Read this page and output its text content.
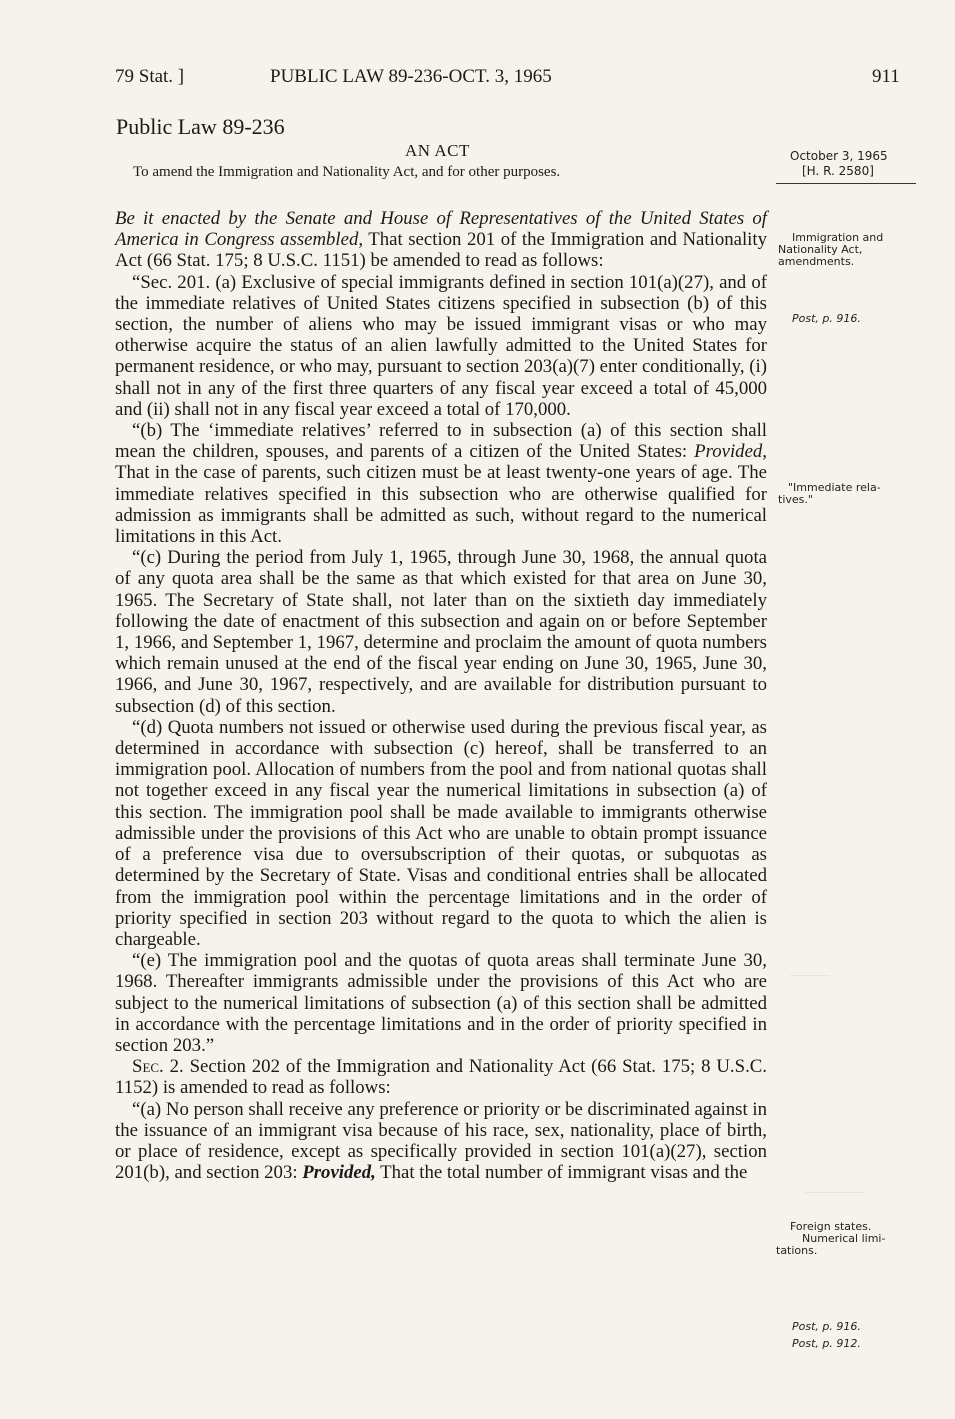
79 Stat. ]	PUBLIC LAW 89-236-OCT. 3, 1965	911
Public Law 89-236
AN ACT
To amend the Immigration and Nationality Act, and for other purposes.
October 3, 1965
[H. R. 2580]
Immigration and
Nationality Act,
amendments.
Post, p. 916.
"Immediate rela-
tives."
Foreign states.
Numerical limi-
tations.
Post, p. 916.
Post, p. 912.

Be it enacted by the Senate and House of Representatives of the United States of America in Congress assembled, That section 201 of the Immigration and Nationality Act (66 Stat. 175; 8 U.S.C. 1151) be amended to read as follows:

“Sec. 201. (a) Exclusive of special immigrants defined in section 101(a)(27), and of the immediate relatives of United States citizens specified in subsection (b) of this section, the number of aliens who may be issued immigrant visas or who may otherwise acquire the status of an alien lawfully admitted to the United States for permanent residence, or who may, pursuant to section 203(a)(7) enter conditionally, (i) shall not in any of the first three quarters of any fiscal year exceed a total of 45,000 and (ii) shall not in any fiscal year exceed a total of 170,000.

“(b) The ‘immediate relatives’ referred to in subsection (a) of this section shall mean the children, spouses, and parents of a citizen of the United States: Provided, That in the case of parents, such citizen must be at least twenty-one years of age. The immediate relatives specified in this subsection who are otherwise qualified for admission as immigrants shall be admitted as such, without regard to the numerical limitations in this Act.

“(c) During the period from July 1, 1965, through June 30, 1968, the annual quota of any quota area shall be the same as that which existed for that area on June 30, 1965. The Secretary of State shall, not later than on the sixtieth day immediately following the date of enactment of this subsection and again on or before September 1, 1966, and September 1, 1967, determine and proclaim the amount of quota numbers which remain unused at the end of the fiscal year ending on June 30, 1965, June 30, 1966, and June 30, 1967, respectively, and are available for distribution pursuant to subsection (d) of this section.

“(d) Quota numbers not issued or otherwise used during the previous fiscal year, as determined in accordance with subsection (c) hereof, shall be transferred to an immigration pool. Allocation of numbers from the pool and from national quotas shall not together exceed in any fiscal year the numerical limitations in subsection (a) of this section. The immigration pool shall be made available to immigrants otherwise admissible under the provisions of this Act who are unable to obtain prompt issuance of a preference visa due to oversubscription of their quotas, or subquotas as determined by the Secretary of State. Visas and conditional entries shall be allocated from the immigration pool within the percentage limitations and in the order of priority specified in section 203 without regard to the quota to which the alien is chargeable.

“(e) The immigration pool and the quotas of quota areas shall terminate June 30, 1968. Thereafter immigrants admissible under the provisions of this Act who are subject to the numerical limitations of subsection (a) of this section shall be admitted in accordance with the percentage limitations and in the order of priority specified in section 203.”

Sec. 2. Section 202 of the Immigration and Nationality Act (66 Stat. 175; 8 U.S.C. 1152) is amended to read as follows:

“(a) No person shall receive any preference or priority or be discriminated against in the issuance of an immigrant visa because of his race, sex, nationality, place of birth, or place of residence, except as specifically provided in section 101(a)(27), section 201(b), and section 203: Provided, That the total number of immigrant visas and the
